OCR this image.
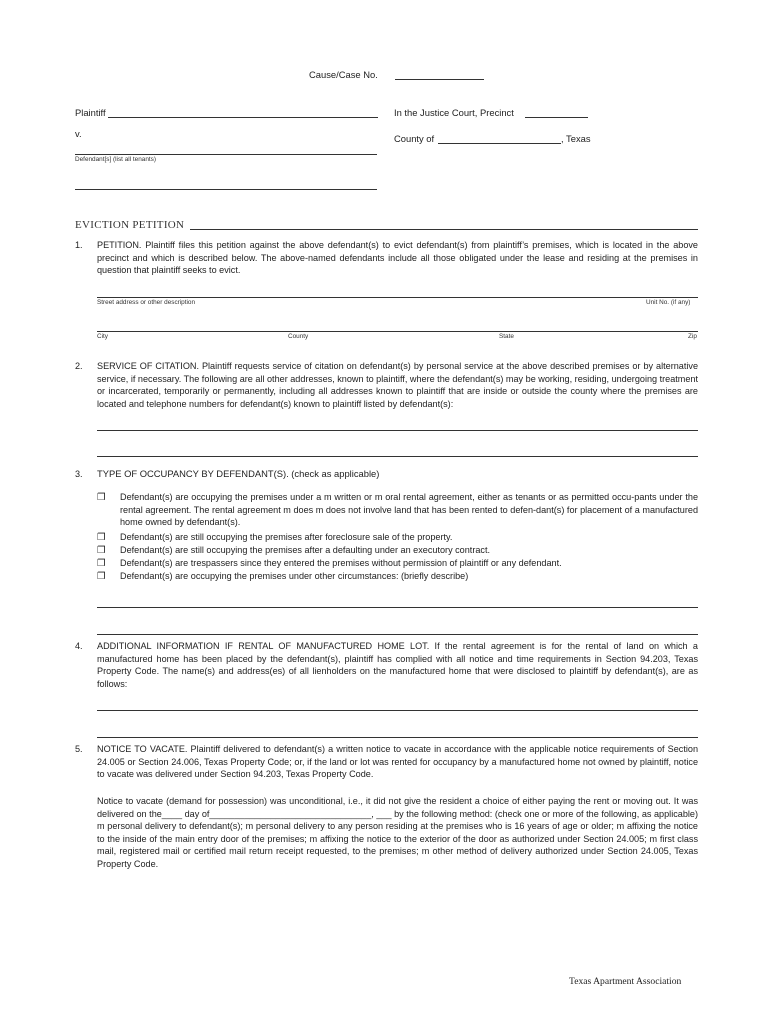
Cause/Case No.
Plaintiff	In the Justice Court, Precinct
v.	County of	, Texas
Defendant[s] (list all tenants)
EVICTION PETITION
1. PETITION. Plaintiff files this petition against the above defendant(s) to evict defendant(s) from plaintiff’s premises, which is located in the above precinct and which is described below. The above-named defendants include all those obligated under the lease and residing at the premises in question that plaintiff seeks to evict.
Street address or other description	Unit No. (if any)
City	County	State	Zip
2. SERVICE OF CITATION. Plaintiff requests service of citation on defendant(s) by personal service at the above described premises or by alternative service, if necessary. The following are all other addresses, known to plaintiff, where the defendant(s) may be working, residing, undergoing treatment or incarcerated, temporarily or permanently, including all addresses known to plaintiff that are inside or outside the county where the premises are located and telephone numbers for defendant(s) known to plaintiff listed by defendant(s):
3. TYPE OF OCCUPANCY BY DEFENDANT(S). (check as applicable)
❒ Defendant(s) are occupying the premises under a m written or m oral rental agreement, either as tenants or as permitted occu-pants under the rental agreement. The rental agreement m does m does not involve land that has been rented to defen-dant(s) for placement of a manufactured home owned by defendant(s).
❒ Defendant(s) are still occupying the premises after foreclosure sale of the property.
❒ Defendant(s) are still occupying the premises after a defaulting under an executory contract.
❒ Defendant(s) are trespassers since they entered the premises without permission of plaintiff or any defendant.
❒ Defendant(s) are occupying the premises under other circumstances: (briefly describe)
4. ADDITIONAL INFORMATION IF RENTAL OF MANUFACTURED HOME LOT. If the rental agreement is for the rental of land on which a manufactured home has been placed by the defendant(s), plaintiff has complied with all notice and time requirements in Section 94.203, Texas Property Code. The name(s) and address(es) of all lienholders on the manufactured home that were disclosed to plaintiff by defendant(s), are as follows:
5. NOTICE TO VACATE. Plaintiff delivered to defendant(s) a written notice to vacate in accordance with the applicable notice requirements of Section 24.005 or Section 24.006, Texas Property Code; or, if the land or lot was rented for occupancy by a manufactured home not owned by plaintiff, notice to vacate was delivered under Section 94.203, Texas Property Code.
Notice to vacate (demand for possession) was unconditional, i.e., it did not give the resident a choice of either paying the rent or moving out. It was delivered on the____ day of________________________________, ___ by the following method: (check one or more of the following, as applicable) m personal delivery to defendant(s); m personal delivery to any person residing at the premises who is 16 years of age or older; m affixing the notice to the inside of the main entry door of the premises; m affixing the notice to the exterior of the door as authorized under Section 24.005; m first class mail, registered mail or certified mail return receipt requested, to the premises; m other method of delivery authorized under Section 24.005, Texas Property Code.
Texas Apartment Association
